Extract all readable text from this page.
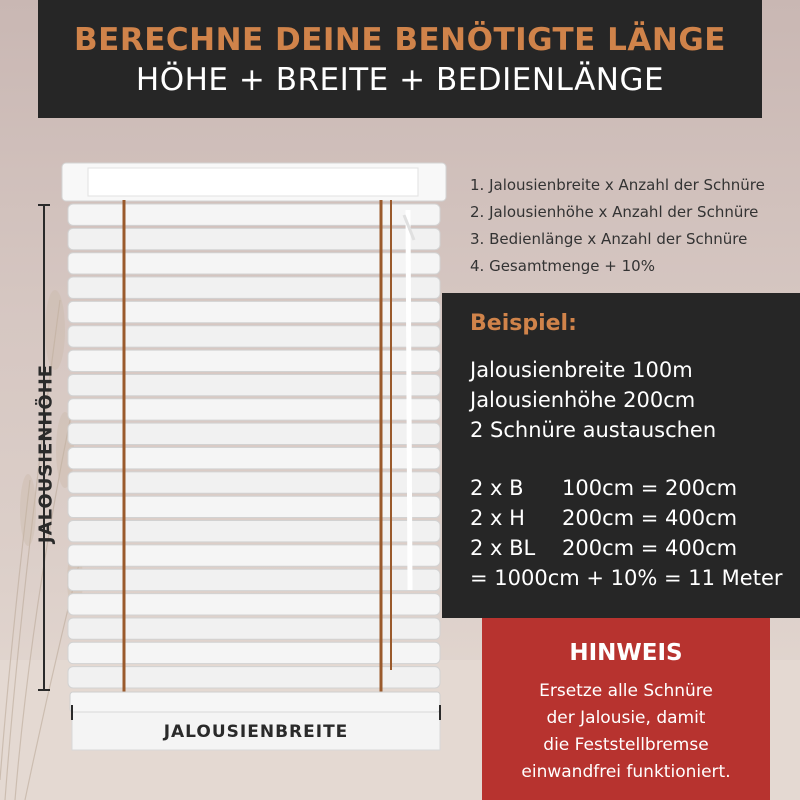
BERECHNE DEINE BENÖTIGTE LÄNGE
HÖHE + BREITE + BEDIENLÄNGE
JALOUSIENHÖHE
JALOUSIENBREITE
1. Jalousienbreite x Anzahl der Schnüre
2. Jalousienhöhe x Anzahl der Schnüre
3. Bedienlänge x Anzahl der Schnüre
4. Gesamtmenge + 10%
Beispiel:
Jalousienbreite 100m
Jalousienhöhe 200cm
2 Schnüre austauschen
2 x B 100cm = 200cm
2 x H 200cm = 400cm
2 x BL 200cm = 400cm
= 1000cm + 10% = 11 Meter
HINWEIS
Ersetze alle Schnüre
der Jalousie, damit
die Feststellbremse
einwandfrei funktioniert.
